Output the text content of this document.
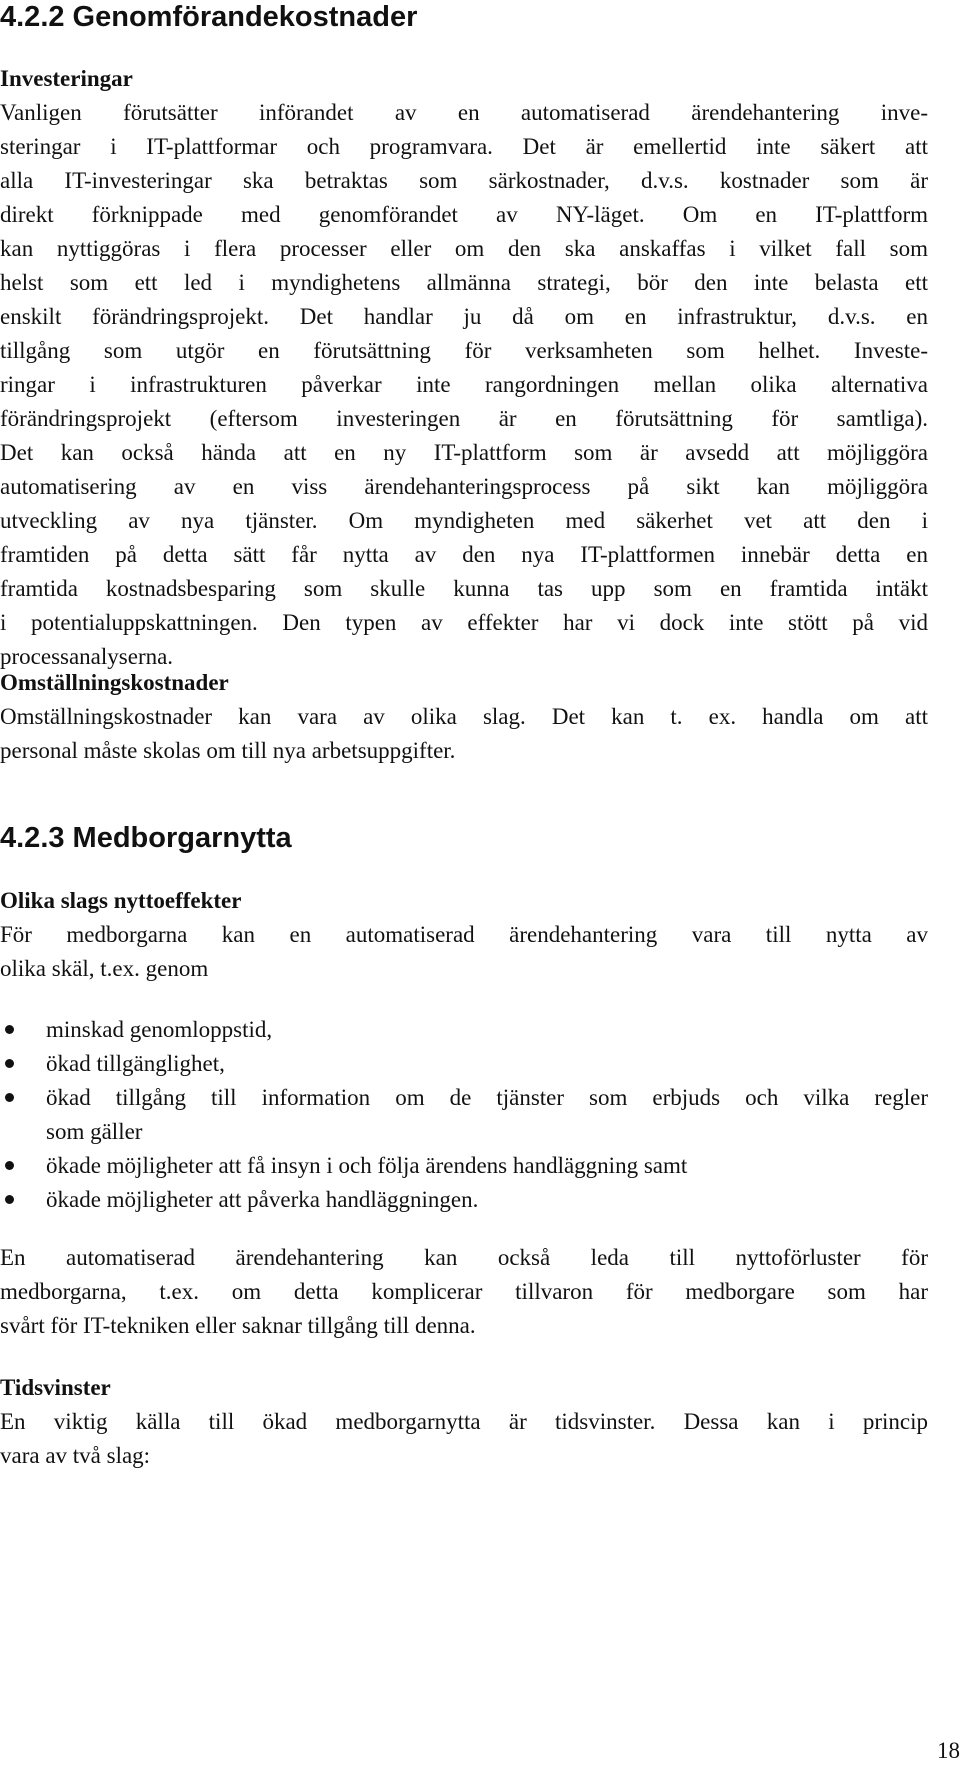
4.2.2 Genomförandekostnader
Investeringar
Vanligen förutsätter införandet av en automatiserad ärendehantering inve-
steringar i IT-plattformar och programvara. Det är emellertid inte säkert att
alla IT-investeringar ska betraktas som särkostnader, d.v.s. kostnader som är
direkt förknippade med genomförandet av NY-läget. Om en IT-plattform
kan nyttiggöras i flera processer eller om den ska anskaffas i vilket fall som
helst som ett led i myndighetens allmänna strategi, bör den inte belasta ett
enskilt förändringsprojekt. Det handlar ju då om en infrastruktur, d.v.s. en
tillgång som utgör en förutsättning för verksamheten som helhet. Investe-
ringar i infrastrukturen påverkar inte rangordningen mellan olika alternativa
förändringsprojekt (eftersom investeringen är en förutsättning för samtliga).
Det kan också hända att en ny IT-plattform som är avsedd att möjliggöra
automatisering av en viss ärendehanteringsprocess på sikt kan möjliggöra
utveckling av nya tjänster. Om myndigheten med säkerhet vet att den i
framtiden på detta sätt får nytta av den nya IT-plattformen innebär detta en
framtida kostnadsbesparing som skulle kunna tas upp som en framtida intäkt
i potentialuppskattningen. Den typen av effekter har vi dock inte stött på vid
processanalyserna.
Omställningskostnader
Omställningskostnader kan vara av olika slag. Det kan t. ex. handla om att
personal måste skolas om till nya arbetsuppgifter.
4.2.3 Medborgarnytta
Olika slags nyttoeffekter
För medborgarna kan en automatiserad ärendehantering vara till nytta av
olika skäl, t.ex. genom
minskad genomloppstid,
ökad tillgänglighet,
ökad tillgång till information om de tjänster som erbjuds och vilka regler
som gäller
ökade möjligheter att få insyn i och följa ärendens handläggning samt
ökade möjligheter att påverka handläggningen.
En automatiserad ärendehantering kan också leda till nyttoförluster för
medborgarna, t.ex. om detta komplicerar tillvaron för medborgare som har
svårt för IT-tekniken eller saknar tillgång till denna.
Tidsvinster
En viktig källa till ökad medborgarnytta är tidsvinster. Dessa kan i princip
vara av två slag:

18
